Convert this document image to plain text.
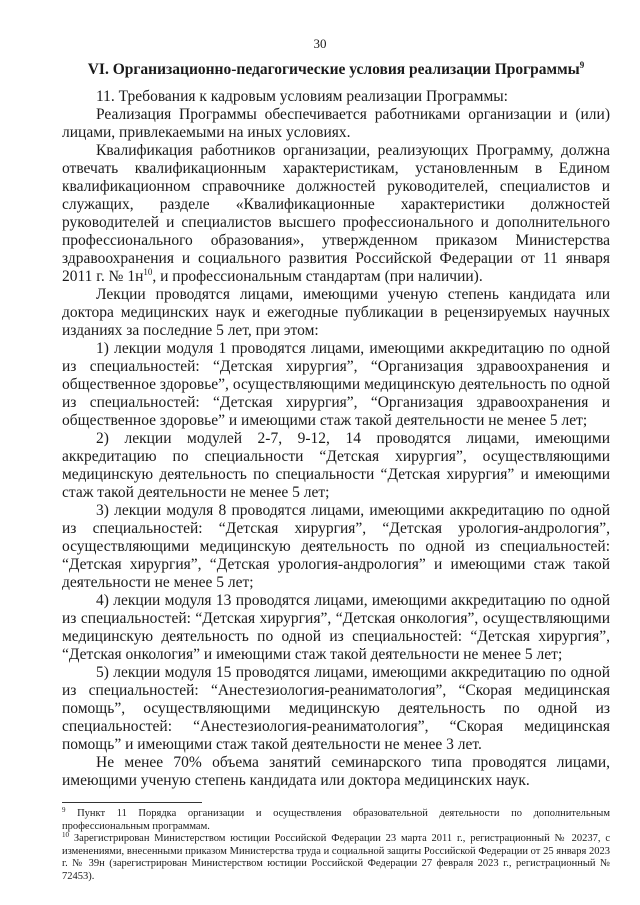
30
VI. Организационно-педагогические условия реализации Программы$^9$

11. Требования к кадровым условиям реализации Программы:

Реализация Программы обеспечивается работниками организации и (или) лицами, привлекаемыми на иных условиях.

Квалификация работников организации, реализующих Программу, должна отвечать квалификационным характеристикам, установленным в Едином квалификационном справочнике должностей руководителей, специалистов и служащих, разделе «Квалификационные характеристики должностей руководителей и специалистов высшего профессионального и дополнительного профессионального образования», утвержденном приказом Министерства здравоохранения и социального развития Российской Федерации от 11 января 2011 г. № $1н^{10}$, и профессиональным стандартам (при наличии).

Лекции проводятся лицами, имеющими ученую степень кандидата или доктора медицинских наук и ежегодные публикации в рецензируемых научных изданиях за последние 5 лет, при этом:

1) лекции модуля 1 проводятся лицами, имеющими аккредитацию по одной из специальностей: “Детская хирургия”, “Организация здравоохранения и общественное здоровье”, осуществляющими медицинскую деятельность по одной из специальностей: “Детская хирургия”, “Организация здравоохранения и общественное здоровье” и имеющими стаж такой деятельности не менее 5 лет;

2) лекции модулей 2-7, 9-12, 14 проводятся лицами, имеющими аккредитацию по специальности “Детская хирургия”, осуществляющими медицинскую деятельность по специальности “Детская хирургия” и имеющими стаж такой деятельности не менее 5 лет;

3) лекции модуля 8 проводятся лицами, имеющими аккредитацию по одной из специальностей: “Детская хирургия”, “Детская урология-андрология”, осуществляющими медицинскую деятельность по одной из специальностей: “Детская хирургия”, “Детская урология-андрология” и имеющими стаж такой деятельности не менее 5 лет;

4) лекции модуля 13 проводятся лицами, имеющими аккредитацию по одной из специальностей: “Детская хирургия”, “Детская онкология”, осуществляющими медицинскую деятельность по одной из специальностей: “Детская хирургия”, “Детская онкология” и имеющими стаж такой деятельности не менее 5 лет;

5) лекции модуля 15 проводятся лицами, имеющими аккредитацию по одной из специальностей: “Анестезиология-реаниматология”, “Скорая медицинская помощь”, осуществляющими медицинскую деятельность по одной из специальностей: “Анестезиология-реаниматология”, “Скорая медицинская помощь” и имеющими стаж такой деятельности не менее 3 лет.

Не менее 70% объема занятий семинарского типа проводятся лицами, имеющими ученую степень кандидата или доктора медицинских наук.

$^9$ Пункт 11 Порядка организации и осуществления образовательной деятельности по дополнительным профессиональным программам.

$^{10}$ Зарегистрирован Министерством юстиции Российской Федерации 23 марта 2011 г., регистрационный № 20237, с изменениями, внесенными приказом Министерства труда и социальной защиты Российской Федерации от 25 января 2023 г. № 39н (зарегистрирован Министерством юстиции Российской Федерации 27 февраля 2023 г., регистрационный № 72453).
